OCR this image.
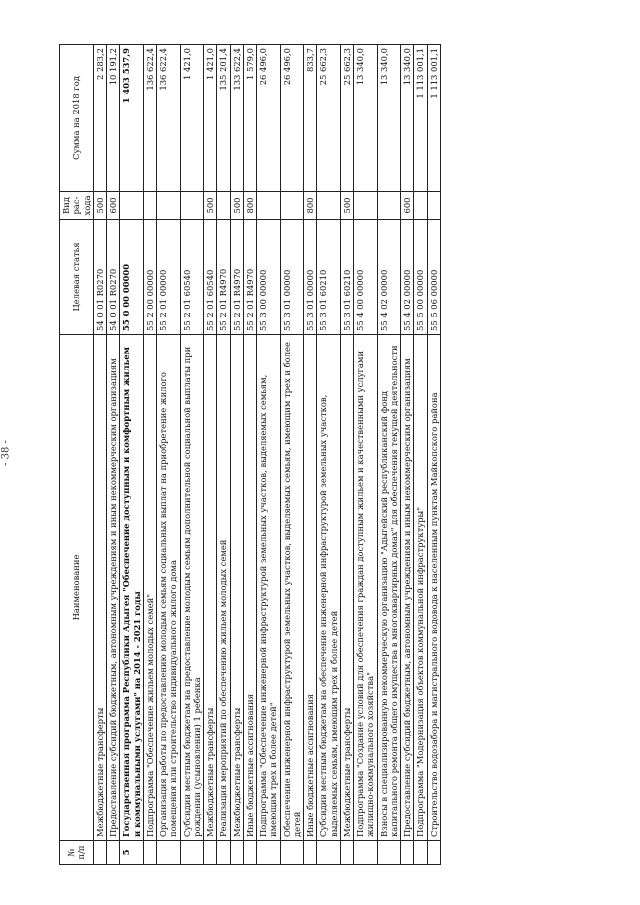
- 38 -
№ п/п	Наименование	Целевая статья	Вид рас-хода	Сумма на 2018 год
	Межбюджетные трансферты	54 0 01 R0270	500	2 283,2
	Предоставление субсидий бюджетным, автономным учреждениям и иным некоммерческим организациям	54 0 01 R0270	600	10 191,2
5	Государственная программа Республики Адыгея "Обеспечение доступным и комфортным жильем и коммунальными услугами" на 2014 - 2021 годы	55 0 00 00000		1 403 537,9
	Подпрограмма "Обеспечение жильем молодых семей"	55 2 00 00000		136 622,4
	Организация работы по предоставлению молодым семьям социальных выплат на приобретение жилого помещения или строительство индивидуального жилого дома	55 2 01 00000		136 622,4
	Субсидии местным бюджетам на предоставление молодым семьям дополнительной социальной выплаты при рождении (усыновлении) 1 ребенка	55 2 01 60540		1 421,0
	Межбюджетные трансферты	55 2 01 60540	500	1 421,0
	Реализация мероприятий по обеспечению жильем молодых семей	55 2 01 R4970		135 201,4
	Межбюджетные трансферты	55 2 01 R4970	500	133 622,4
	Иные бюджетные ассигнования	55 2 01 R4970	800	1 579,0
	Подпрограмма "Обеспечение инженерной инфраструктурой земельных участков, выделяемых семьям, имеющим трех и более детей"	55 3 00 00000		26 496,0
	Обеспечение инженерной инфраструктурой земельных участков, выделяемых семьям, имеющим трех и более детей	55 3 01 00000		26 496,0
	Иные бюджетные ассигнования	55 3 01 00000	800	833,7
	Субсидии местным бюджетам на обеспечение инженерной инфраструктурой земельных участков, выделяемых семьям, имеющим трех и более детей	55 3 01 60210		25 662,3
	Межбюджетные трансферты	55 3 01 60210	500	25 662,3
	Подпрограмма "Создание условий для обеспечения граждан доступным жильем и качественными услугами жилищно-коммунального хозяйства"	55 4 00 00000		13 340,0
	Взносы в специализированную некоммерческую организацию "Адыгейский республиканский фонд капитального ремонта общего имущества в многоквартирных домах" для обеспечения текущей деятельности	55 4 02 00000		13 340,0
	Предоставление субсидий бюджетным, автономным учреждениям и иным некоммерческим организациям	55 4 02 00000	600	13 340,0
	Подпрограмма "Модернизация объектов коммунальной инфраструктуры"	55 5 00 00000		1 113 001,1
	Строительство водозабора и магистрального водовода к населенным пунктам Майкопского района	55 5 06 00000		1 113 001,1
